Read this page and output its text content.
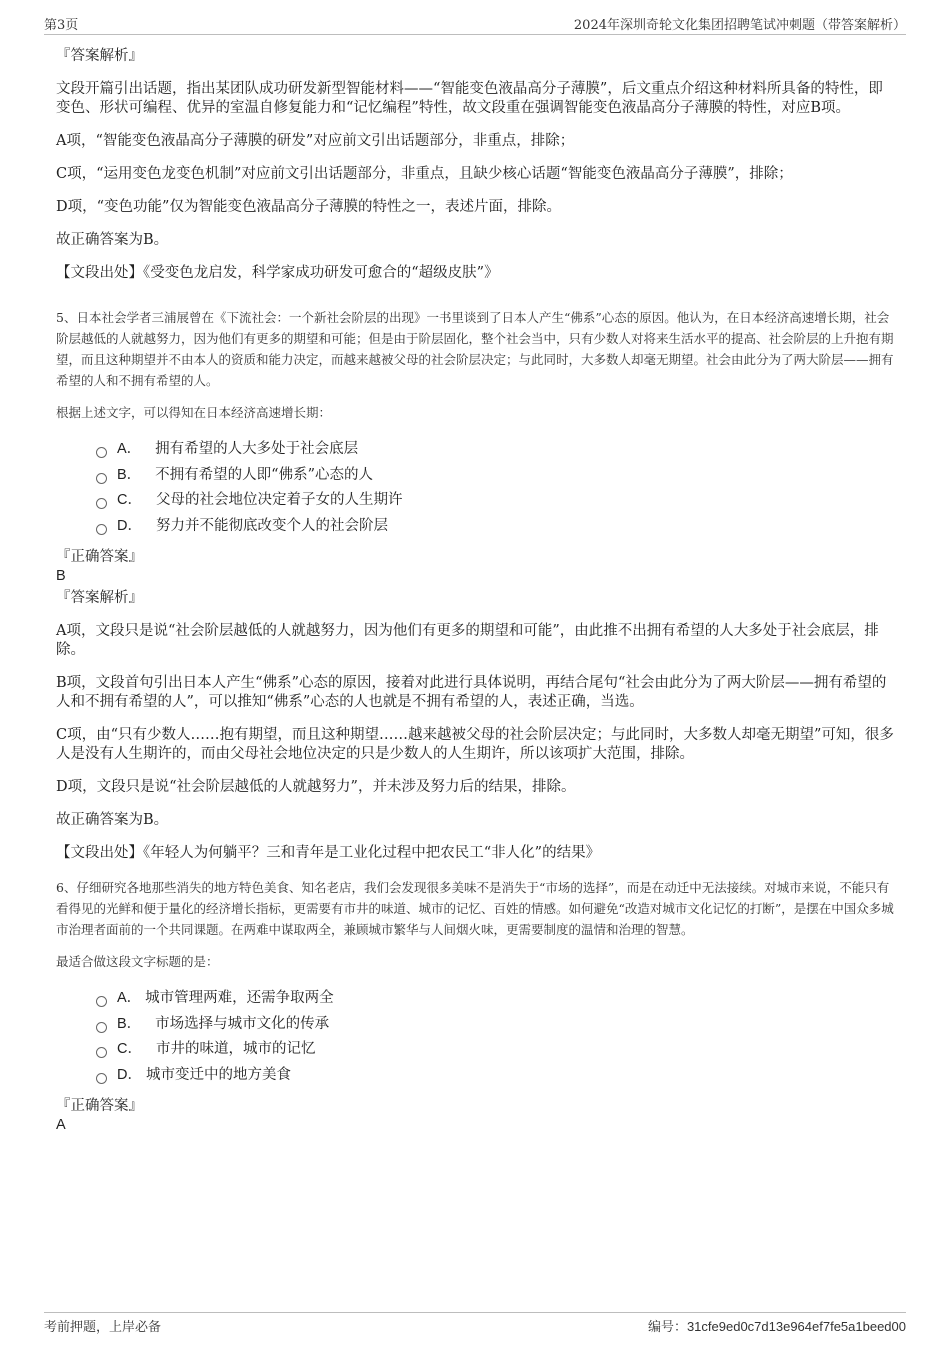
第3页	2024年深圳奇轮文化集团招聘笔试冲刺题（带答案解析）

『答案解析』

文段开篇引出话题，指出某团队成功研发新型智能材料——“智能变色液晶高分子薄膜”，后文重点介绍这种材料所具备的特性，即变色、形状可编程、优异的室温自修复能力和“记忆编程”特性，故文段重在强调智能变色液晶高分子薄膜的特性，对应B项。

A项，“智能变色液晶高分子薄膜的研发”对应前文引出话题部分，非重点，排除；

C项，“运用变色龙变色机制”对应前文引出话题部分，非重点，且缺少核心话题“智能变色液晶高分子薄膜”，排除；

D项，“变色功能”仅为智能变色液晶高分子薄膜的特性之一，表述片面，排除。

故正确答案为B。

【文段出处】《受变色龙启发，科学家成功研发可愈合的“超级皮肤”》

5、日本社会学者三浦展曾在《下流社会：一个新社会阶层的出现》一书里谈到了日本人产生“佛系”心态的原因。他认为，在日本经济高速增长期，社会阶层越低的人就越努力，因为他们有更多的期望和可能；但是由于阶层固化，整个社会当中，只有少数人对将来生活水平的提高、社会阶层的上升抱有期望，而且这种期望并不由本人的资质和能力决定，而越来越被父母的社会阶层决定；与此同时，大多数人却毫无期望。社会由此分为了两大阶层——拥有希望的人和不拥有希望的人。

根据上述文字，可以得知在日本经济高速增长期：

A． 拥有希望的人大多处于社会底层
B． 不拥有希望的人即“佛系”心态的人
C． 父母的社会地位决定着子女的人生期许
D． 努力并不能彻底改变个人的社会阶层

『正确答案』

B

『答案解析』

A项，文段只是说“社会阶层越低的人就越努力，因为他们有更多的期望和可能”，由此推不出拥有希望的人大多处于社会底层，排除。

B项，文段首句引出日本人产生“佛系”心态的原因，接着对此进行具体说明，再结合尾句“社会由此分为了两大阶层——拥有希望的人和不拥有希望的人”，可以推知“佛系”心态的人也就是不拥有希望的人，表述正确，当选。

C项，由“只有少数人……抱有期望，而且这种期望……越来越被父母的社会阶层决定；与此同时，大多数人却毫无期望”可知，很多人是没有人生期许的，而由父母社会地位决定的只是少数人的人生期许，所以该项扩大范围，排除。

D项，文段只是说“社会阶层越低的人就越努力”，并未涉及努力后的结果，排除。

故正确答案为B。

【文段出处】《年轻人为何躺平？三和青年是工业化过程中把农民工“非人化”的结果》

6、仔细研究各地那些消失的地方特色美食、知名老店，我们会发现很多美味不是消失于“市场的选择”，而是在动迁中无法接续。对城市来说，不能只有看得见的光鲜和便于量化的经济增长指标，更需要有市井的味道、城市的记忆、百姓的情感。如何避免“改造对城市文化记忆的打断”，是摆在中国众多城市治理者面前的一个共同课题。在两难中谋取两全，兼顾城市繁华与人间烟火味，更需要制度的温情和治理的智慧。

最适合做这段文字标题的是：

A． 城市管理两难，还需争取两全
B． 市场选择与城市文化的传承
C． 市井的味道，城市的记忆
D． 城市变迁中的地方美食

『正确答案』

A

考前押题，上岸必备	编号：31cfe9ed0c7d13e964ef7fe5a1beed00
